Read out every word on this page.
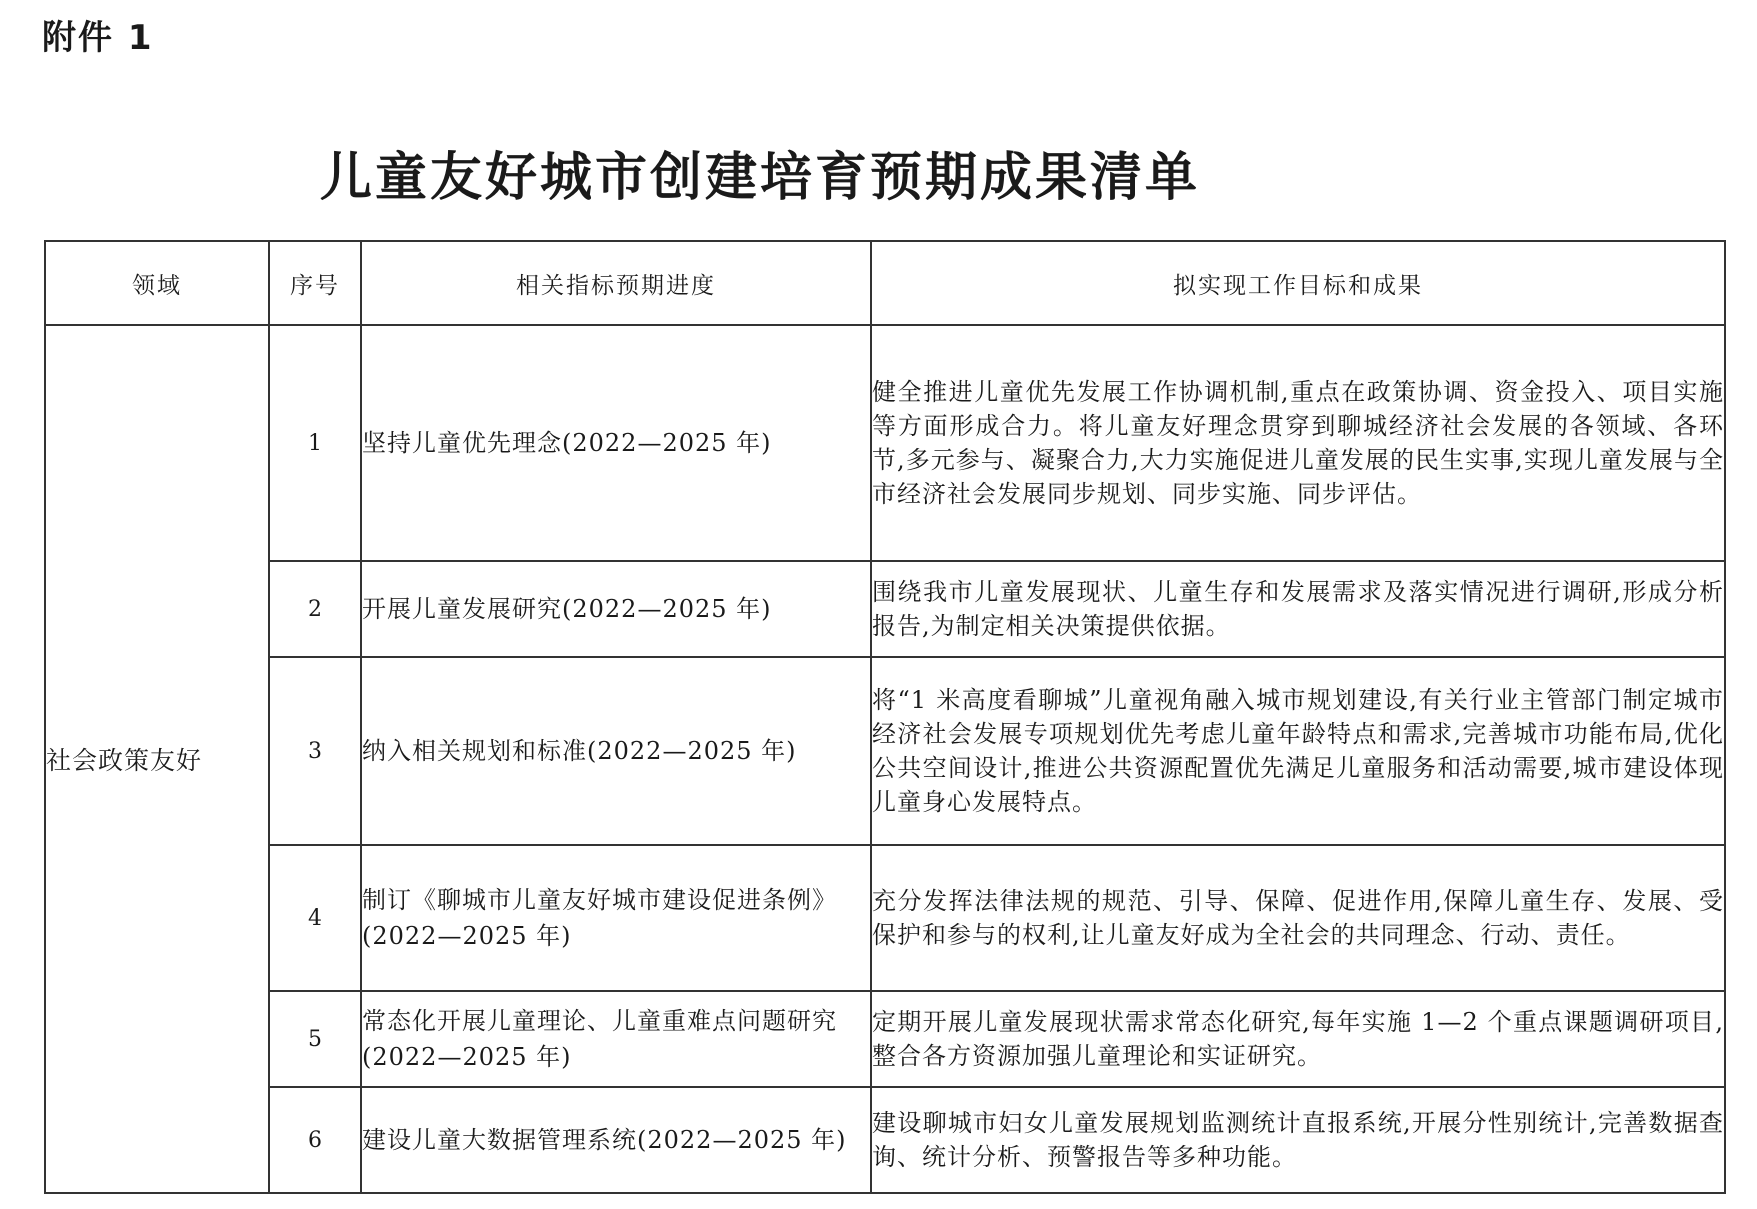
附件 1
儿童友好城市创建培育预期成果清单
领域	序号	相关指标预期进度	拟实现工作目标和成果
社会政策友好	1	坚持儿童优先理念(2022—2025 年)	健全推进儿童优先发展工作协调机制,重点在政策协调、资金投入、项目实施等方面形成合力。将儿童友好理念贯穿到聊城经济社会发展的各领域、各环节,多元参与、凝聚合力,大力实施促进儿童发展的民生实事,实现儿童发展与全市经济社会发展同步规划、同步实施、同步评估。
	2	开展儿童发展研究(2022—2025 年)	围绕我市儿童发展现状、儿童生存和发展需求及落实情况进行调研,形成分析报告,为制定相关决策提供依据。
	3	纳入相关规划和标准(2022—2025 年)	将“1 米高度看聊城”儿童视角融入城市规划建设,有关行业主管部门制定城市经济社会发展专项规划优先考虑儿童年龄特点和需求,完善城市功能布局,优化公共空间设计,推进公共资源配置优先满足儿童服务和活动需要,城市建设体现儿童身心发展特点。
	4	制订《聊城市儿童友好城市建设促进条例》(2022—2025 年)	充分发挥法律法规的规范、引导、保障、促进作用,保障儿童生存、发展、受保护和参与的权利,让儿童友好成为全社会的共同理念、行动、责任。
	5	常态化开展儿童理论、儿童重难点问题研究(2022—2025 年)	定期开展儿童发展现状需求常态化研究,每年实施 1—2 个重点课题调研项目,整合各方资源加强儿童理论和实证研究。
	6	建设儿童大数据管理系统(2022—2025 年)	建设聊城市妇女儿童发展规划监测统计直报系统,开展分性别统计,完善数据查询、统计分析、预警报告等多种功能。
